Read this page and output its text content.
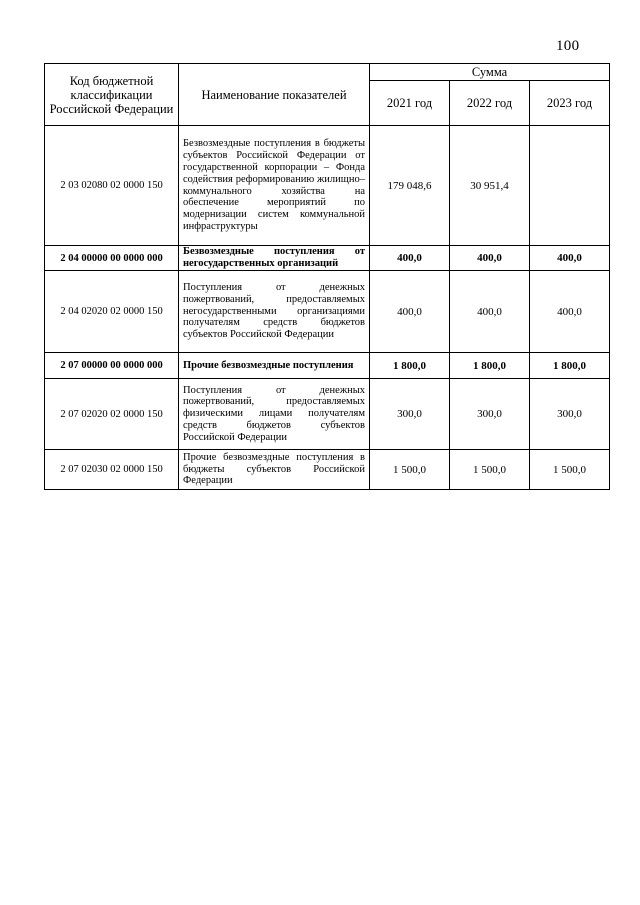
100
Код бюджетной классификации Российской Федерации	Наименование показателей	Сумма		
		2021 год	2022 год	2023 год
2 03 02080 02 0000 150	Безвозмездные поступления в бюджеты субъектов Российской Федерации от государственной корпорации – Фонда содействия реформированию жилищно–коммунального хозяйства на обеспечение мероприятий по модернизации систем коммунальной инфраструктуры	179 048,6	30 951,4	
2 04 00000 00 0000 000	Безвозмездные поступления от негосударственных организаций	400,0	400,0	400,0
2 04 02020 02 0000 150	Поступления от денежных пожертвований, предоставляемых негосударственными организациями получателям средств бюджетов субъектов Российской Федерации	400,0	400,0	400,0
2 07 00000 00 0000 000	Прочие безвозмездные поступления	1 800,0	1 800,0	1 800,0
2 07 02020 02 0000 150	Поступления от денежных пожертвований, предоставляемых физическими лицами получателям средств бюджетов субъектов Российской Федерации	300,0	300,0	300,0
2 07 02030 02 0000 150	Прочие безвозмездные поступления в бюджеты субъектов Российской Федерации	1 500,0	1 500,0	1 500,0
